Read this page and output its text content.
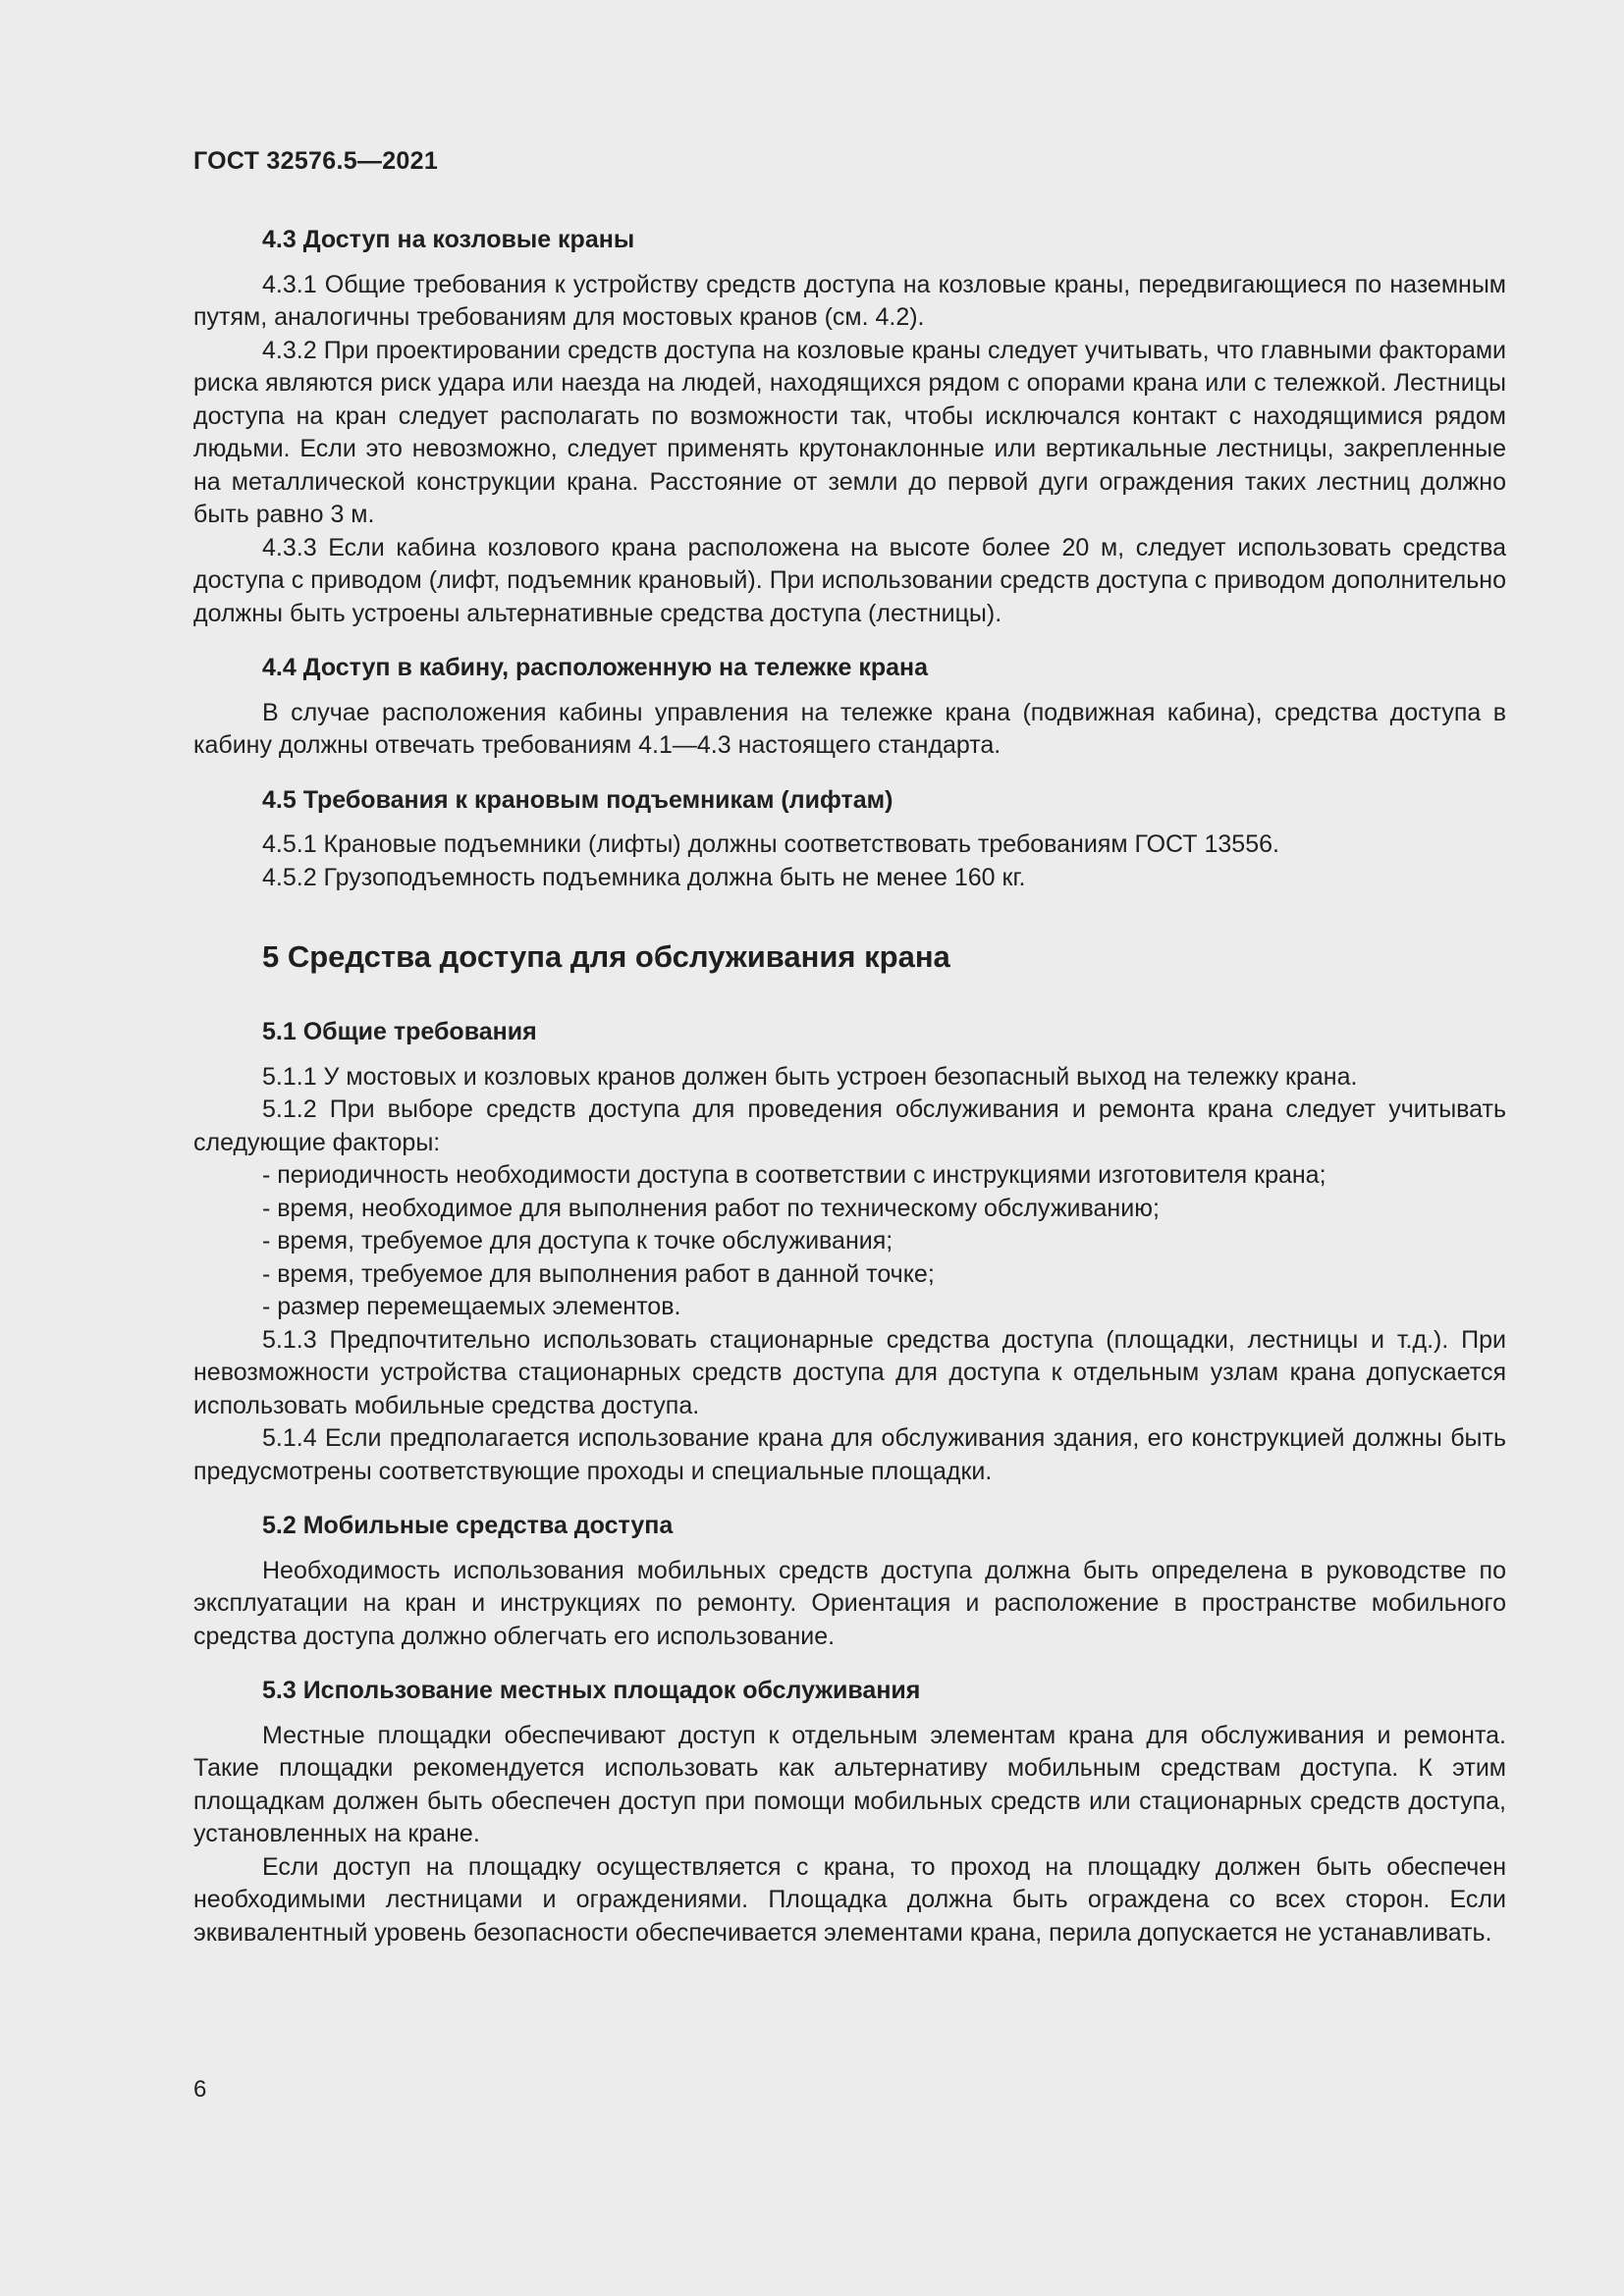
ГОСТ 32576.5—2021
4.3 Доступ на козловые краны

4.3.1 Общие требования к устройству средств доступа на козловые краны, передвигающиеся по наземным путям, аналогичны требованиям для мостовых кранов (см. 4.2).

4.3.2 При проектировании средств доступа на козловые краны следует учитывать, что главными факторами риска являются риск удара или наезда на людей, находящихся рядом с опорами крана или с тележкой. Лестницы доступа на кран следует располагать по возможности так, чтобы исключался контакт с находящимися рядом людьми. Если это невозможно, следует применять крутонаклонные или вертикальные лестницы, закрепленные на металлической конструкции крана. Расстояние от земли до первой дуги ограждения таких лестниц должно быть равно 3 м.

4.3.3 Если кабина козлового крана расположена на высоте более 20 м, следует использовать средства доступа с приводом (лифт, подъемник крановый). При использовании средств доступа с приводом дополнительно должны быть устроены альтернативные средства доступа (лестницы).

4.4 Доступ в кабину, расположенную на тележке крана

В случае расположения кабины управления на тележке крана (подвижная кабина), средства доступа в кабину должны отвечать требованиям 4.1—4.3 настоящего стандарта.

4.5 Требования к крановым подъемникам (лифтам)

4.5.1 Крановые подъемники (лифты) должны соответствовать требованиям ГОСТ 13556.

4.5.2 Грузоподъемность подъемника должна быть не менее 160 кг.

5 Средства доступа для обслуживания крана
5.1 Общие требования

5.1.1 У мостовых и козловых кранов должен быть устроен безопасный выход на тележку крана.

5.1.2 При выборе средств доступа для проведения обслуживания и ремонта крана следует учитывать следующие факторы:

- периодичность необходимости доступа в соответствии с инструкциями изготовителя крана;

- время, необходимое для выполнения работ по техническому обслуживанию;

- время, требуемое для доступа к точке обслуживания;

- время, требуемое для выполнения работ в данной точке;

- размер перемещаемых элементов.

5.1.3 Предпочтительно использовать стационарные средства доступа (площадки, лестницы и т.д.). При невозможности устройства стационарных средств доступа для доступа к отдельным узлам крана допускается использовать мобильные средства доступа.

5.1.4 Если предполагается использование крана для обслуживания здания, его конструкцией должны быть предусмотрены соответствующие проходы и специальные площадки.

5.2 Мобильные средства доступа

Необходимость использования мобильных средств доступа должна быть определена в руководстве по эксплуатации на кран и инструкциях по ремонту. Ориентация и расположение в пространстве мобильного средства доступа должно облегчать его использование.

5.3 Использование местных площадок обслуживания

Местные площадки обеспечивают доступ к отдельным элементам крана для обслуживания и ремонта. Такие площадки рекомендуется использовать как альтернативу мобильным средствам доступа. К этим площадкам должен быть обеспечен доступ при помощи мобильных средств или стационарных средств доступа, установленных на кране.

Если доступ на площадку осуществляется с крана, то проход на площадку должен быть обеспечен необходимыми лестницами и ограждениями. Площадка должна быть ограждена со всех сторон. Если эквивалентный уровень безопасности обеспечивается элементами крана, перила допускается не устанавливать.

6
